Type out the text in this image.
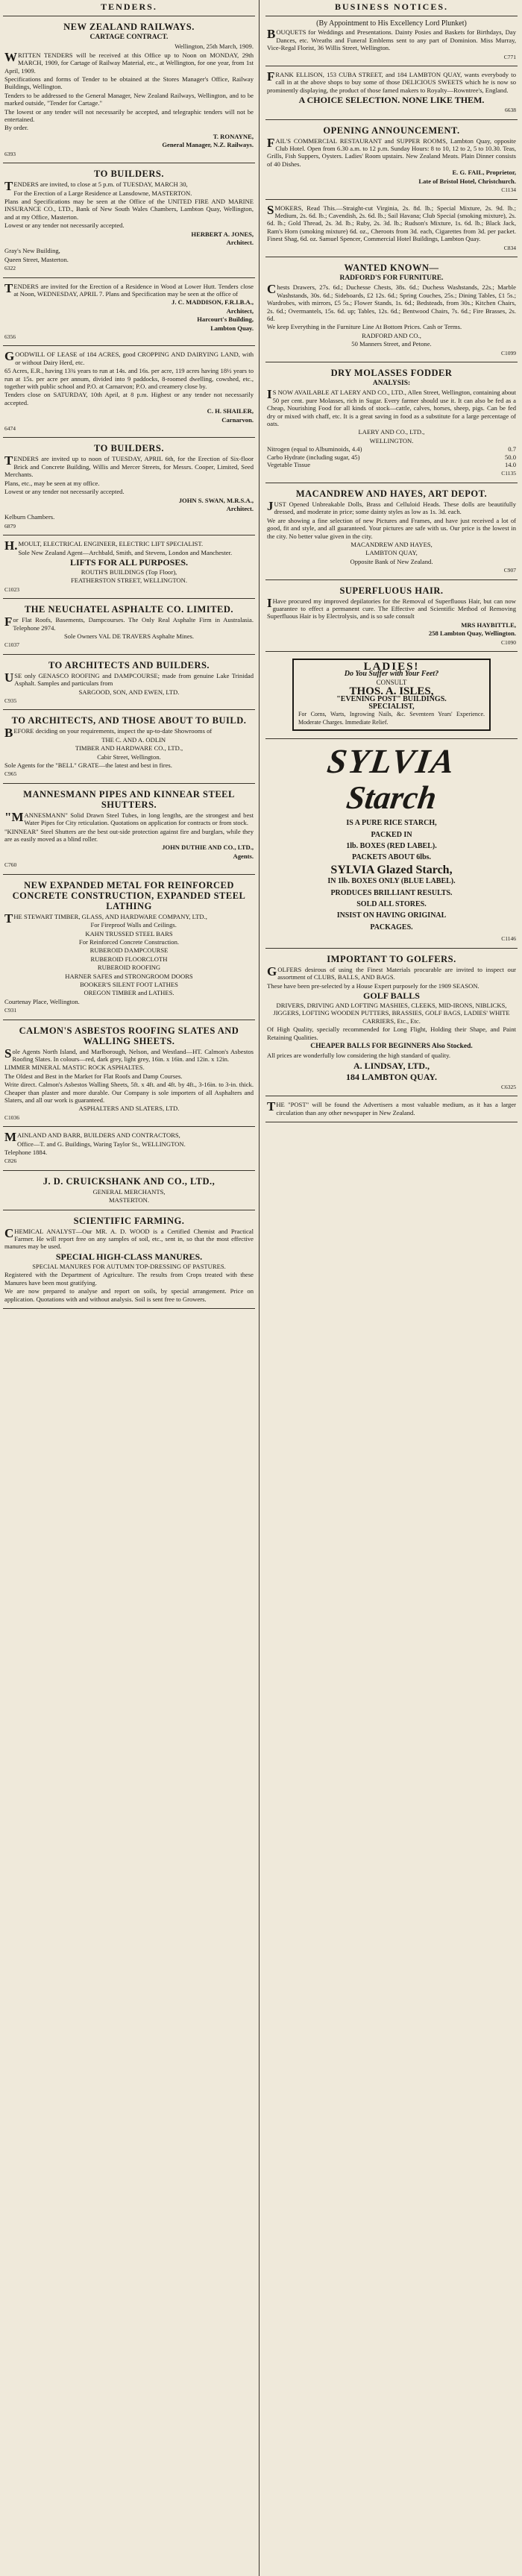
TENDERS.
NEW ZEALAND RAILWAYS.
CARTAGE CONTRACT.
Wellington, 25th March, 1909.
WRITTEN TENDERS will be received at this Office up to Noon on MONDAY, 29th MARCH, 1909, for Cartage of Railway Material, etc., at Wellington, for one year, from 1st April, 1909.
Specifications and forms of Tender to be obtained at the Stores Manager's Office, Railway Buildings, Wellington.
Tenders to be addressed to the General Manager, New Zealand Railways, Wellington, and to be marked outside, "Tender for Cartage."
The lowest or any tender will not necessarily be accepted, and telegraphic tenders will not be entertained.
By order.
T. RONAYNE,
General Manager, N.Z. Railways.
6393
TO BUILDERS.
TENDERS are invited, to close at 5 p.m. of TUESDAY, MARCH 30,
For the Erection of a Large Residence at Lansdowne, MASTERTON.
Plans and Specifications may be seen at the Office of the UNITED FIRE AND MARINE INSURANCE CO., LTD., Bank of New South Wales Chambers, Lambton Quay, Wellington, and at my Office, Masterton.
Lowest or any tender not necessarily accepted.
HERBERT A. JONES,
Architect.
Gray's New Building,
Queen Street, Masterton.
6322
TENDERS are invited for the Erection of a Residence in Wood at Lower Hutt. Tenders close at Noon, WEDNESDAY, APRIL 7. Plans and Specification may be seen at the office of
J. C. MADDISON, F.R.I.B.A.,
Architect,
Harcourt's Building,
Lambton Quay.
6356
GOODWILL OF LEASE of 184 ACRES, good CROPPING AND DAIRYING LAND, with or without Dairy Herd, etc.
65 Acres, E.R., having 13¾ years to run at 14s. and 16s. per acre, 119 acres having 18½ years to run at 15s. per acre per annum, divided into 9 paddocks, 8-roomed dwelling, cowshed, etc., together with public school and P.O. at Carnarvon; P.O. and creamery close by.
Tenders close on SATURDAY, 10th April, at 8 p.m. Highest or any tender not necessarily accepted.
C. H. SHAILER,
Carnarvon.
6474
TO BUILDERS.
TENDERS are invited up to noon of TUESDAY, APRIL 6th, for the Erection of Six-floor Brick and Concrete Building, Willis and Mercer Streets, for Messrs. Cooper, Limited, Seed Merchants.
Plans, etc., may be seen at my office.
Lowest or any tender not necessarily accepted.
JOHN S. SWAN, M.R.S.A.,
Architect.
Kelburn Chambers.
6879
H.MOULT, ELECTRICAL ENGINEER, ELECTRIC LIFT SPECIALIST.
Sole New Zealand Agent—Archbald, Smith, and Stevens, London and Manchester.
LIFTS FOR ALL PURPOSES.
ROUTH'S BUILDINGS (Top Floor),
FEATHERSTON STREET, WELLINGTON.
C1023
THE NEUCHATEL ASPHALTE CO. LIMITED.
For Flat Roofs, Basements, Dampcourses. The Only Real Asphalte Firm in Australasia. Telephone 2974.
Sole Owners VAL DE TRAVERS Asphalte Mines.
C1037
TO ARCHITECTS AND BUILDERS.
USE only GENASCO ROOFING and DAMPCOURSE; made from genuine Lake Trinidad Asphalt. Samples and particulars from
SARGOOD, SON, AND EWEN, LTD.
C935
TO ARCHITECTS, AND THOSE ABOUT TO BUILD.
BEFORE deciding on your requirements, inspect the up-to-date Showrooms of
THE C. AND A. ODLIN
TIMBER AND HARDWARE CO., LTD.,
Cabir Street, Wellington.
Sole Agents for the "BELL" GRATE—the latest and best in fires.
C965
MANNESMANN PIPES AND KINNEAR STEEL SHUTTERS.
"MANNESMANN" Solid Drawn Steel Tubes, in long lengths, are the strongest and best Water Pipes for City reticulation. Quotations on application for contracts or from stock.
"KINNEAR" Steel Shutters are the best out-side protection against fire and burglars, while they are as easily moved as a blind roller.
JOHN DUTHIE AND CO., LTD.,
Agents.
C760
NEW EXPANDED METAL FOR REINFORCED CONCRETE CONSTRUCTION, EXPANDED STEEL LATHING
THE STEWART TIMBER, GLASS, AND HARDWARE COMPANY, LTD.,
For Fireproof Walls and Ceilings.
KAHN TRUSSED STEEL BARS
For Reinforced Concrete Construction.
RUBEROID DAMPCOURSE
RUBEROID FLOORCLOTH
RUBEROID ROOFING
HARNER SAFES and STRONGROOM DOORS
BOOKER'S SILENT FOOT LATHES
OREGON TIMBER and LATHES.
Courtenay Place, Wellington.
C931
CALMON'S ASBESTOS ROOFING SLATES AND WALLING SHEETS.
Sole Agents North Island, and Marlborough, Nelson, and Westland—HT. Calmon's Asbestos Roofing Slates. In colours—red, dark grey, light grey, 16in. x 16in. and 12in. x 12in.
LIMMER MINERAL MASTIC ROCK ASPHALTES.
The Oldest and Best in the Market for Flat Roofs and Damp Courses.
Write direct. Calmon's Asbestos Walling Sheets, 5ft. x 4ft. and 4ft. by 4ft., 3-16in. to 3-in. thick. Cheaper than plaster and more durable. Our Company is sole importers of all Asphalters and Slaters, and all our work is guaranteed.
ASPHALTERS AND SLATERS, LTD.
C1036
MAINLAND AND BARR, BUILDERS AND CONTRACTORS,
Office—T. and G. Buildings, Waring Taylor St., WELLINGTON.
Telephone 1884.
C826
J. D. CRUICKSHANK AND CO., LTD.,
GENERAL MERCHANTS,
MASTERTON.
SCIENTIFIC FARMING.
CHEMICAL ANALYST—Our MR. A. D. WOOD is a Certified Chemist and Practical Farmer. He will report free on any samples of soil, etc., sent in, so that the most effective manures may be used.
SPECIAL HIGH-CLASS MANURES.
SPECIAL MANURES FOR AUTUMN TOP-DRESSING OF PASTURES.
Registered with the Department of Agriculture. The results from Crops treated with these Manures have been most gratifying.
We are now prepared to analyse and report on soils, by special arrangement. Price on application. Quotations with and without analysis. Soil is sent free to Growers.
BUSINESS NOTICES.
(By Appointment to His Excellency Lord Plunket)
BOUQUETS for Weddings and Presentations. Dainty Posies and Baskets for Birthdays, Day Dances, etc. Wreaths and Funeral Emblems sent to any part of Dominion. Miss Murray, Vice-Regal Florist, 36 Willis Street, Wellington.
C771
FRANK ELLISON, 153 CUBA STREET, and 184 LAMBTON QUAY, wants everybody to call in at the above shops to buy some of those DELICIOUS SWEETS which he is now so prominently displaying, the product of those famed makers to Royalty—Rowntree's, England.
A CHOICE SELECTION. NONE LIKE THEM.
6638
OPENING ANNOUNCEMENT.
FAIL'S COMMERCIAL RESTAURANT and SUPPER ROOMS, Lambton Quay, opposite Club Hotel. Open from 6.30 a.m. to 12 p.m. Sunday Hours: 8 to 10, 12 to 2, 5 to 10.30. Teas, Grills, Fish Suppers, Oysters. Ladies' Room upstairs. New Zealand Meats. Plain Dinner consists of 40 Dishes.
E. G. FAIL, Proprietor,
Late of Bristol Hotel, Christchurch.
C1134
SMOKERS, Read This.—Straight-cut Virginia, 2s. 8d. lb.; Special Mixture, 2s. 9d. lb.; Medium, 2s. 6d. lb.; Cavendish, 2s. 6d. lb.; Sail Havana; Club Special (smoking mixture), 2s. 6d. lb.; Gold Thread, 2s. 3d. lb.; Ruby, 2s. 3d. lb.; Rudson's Mixture, 1s. 6d. lb.; Black Jack, Ram's Horn (smoking mixture) 6d. oz., Cheroots from 3d. each, Cigarettes from 3d. per packet. Finest Shag, 6d. oz. Samuel Spencer, Commercial Hotel Buildings, Lambton Quay.
C834
WANTED KNOWN—
RADFORD'S FOR FURNITURE.
Chests Drawers, 27s. 6d.; Duchesse Chests, 38s. 6d.; Duchess Washstands, 22s.; Marble Washstands, 30s. 6d.; Sideboards, £2 12s. 6d.; Spring Couches, 25s.; Dining Tables, £1 5s.; Wardrobes, with mirrors, £5 5s.; Flower Stands, 1s. 6d.; Bedsteads, from 30s.; Kitchen Chairs, 2s. 6d.; Overmantels, 15s. 6d. up; Tables, 12s. 6d.; Bentwood Chairs, 7s. 6d.; Fire Brasses, 2s. 6d.
We keep Everything in the Furniture Line At Bottom Prices. Cash or Terms.
RADFORD AND CO.,
50 Manners Street, and Petone.
C1099
DRY MOLASSES FODDER
ANALYSIS:
IS NOW AVAILABLE AT LAERY AND CO., LTD., Allen Street, Wellington, containing about 50 per cent. pure Molasses, rich in Sugar. Every farmer should use it. It can also be fed as a Cheap, Nourishing Food for all kinds of stock—cattle, calves, horses, sheep, pigs. Can be fed dry or mixed with chaff, etc. It is a great saving in food as a substitute for a large percentage of oats.
LAERY AND CO., LTD.,
WELLINGTON.
Nitrogen (equal to Albuminoids, 4.4)	0.7
Carbo Hydrate (including sugar, 45)	50.0
Vegetable Tissue	14.0
C1135
MACANDREW AND HAYES, ART DEPOT.
JUST Opened Unbreakable Dolls, Brass and Celluloid Heads. These dolls are beautifully dressed, and moderate in price; some dainty styles as low as 1s. 3d. each.
We are showing a fine selection of new Pictures and Frames, and have just received a lot of good, fit and style, and all guaranteed. Your pictures are safe with us. Our price is the lowest in the city. No better value given in the city.
MACANDREW AND HAYES,
LAMBTON QUAY,
Opposite Bank of New Zealand.
C907
SUPERFLUOUS HAIR.
IHave procured my improved depilatories for the Removal of Superfluous Hair, but can now guarantee to effect a permanent cure. The Effective and Scientific Method of Removing Superfluous Hair is by Electrolysis, and is so safe consult
MRS HAYBITTLE,
258 Lambton Quay, Wellington.
C1090
LADIES!
Do You Suffer with Your Feet?
CONSULT
THOS. A. ISLES,
"EVENING POST" BUILDINGS.
SPECIALIST,
For Corns, Warts, Ingrowing Nails, &c. Seventeen Years' Experience. Moderate Charges. Immediate Relief.
SYLVIA
Starch
IS A PURE RICE STARCH,
PACKED IN
1lb. BOXES (RED LABEL).
PACKETS ABOUT 6lbs.
SYLVIA Glazed Starch,
IN 1lb. BOXES ONLY (BLUE LABEL).
PRODUCES BRILLIANT RESULTS.
SOLD ALL STORES.
INSIST ON HAVING ORIGINAL
PACKAGES.
C1146
IMPORTANT TO GOLFERS.
GOLFERS desirous of using the Finest Materials procurable are invited to inspect our assortment of CLUBS, BALLS, AND BAGS.
These have been pre-selected by a House Expert purposely for the 1909 SEASON.
GOLF BALLS
DRIVERS, DRIVING AND LOFTING MASHIES, CLEEKS, MID-IRONS, NIBLICKS, JIGGERS, LOFTING WOODEN PUTTERS, BRASSIES, GOLF BAGS, LADIES' WHITE CARRIERS, Etc., Etc.
Of High Quality, specially recommended for Long Flight, Holding their Shape, and Paint Retaining Qualities.
CHEAPER BALLS FOR BEGINNERS Also Stocked.
All prices are wonderfully low considering the high standard of quality.
A. LINDSAY, LTD.,
184 LAMBTON QUAY.
C6325
THE "POST" will be found the Advertisers a most valuable medium, as it has a larger circulation than any other newspaper in New Zealand.
